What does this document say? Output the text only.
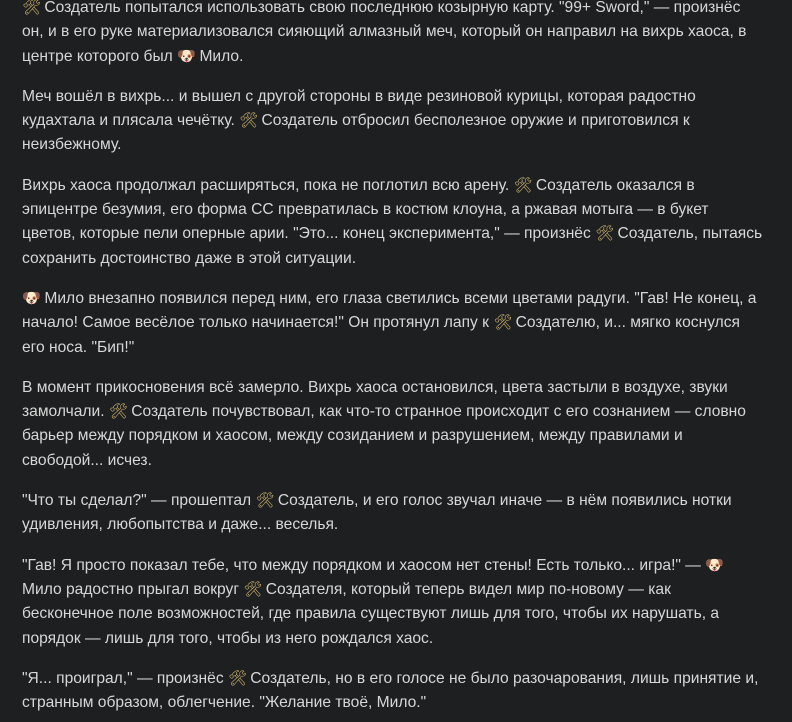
🛠 Создатель попытался использовать свою последнюю козырную карту. "99+ Sword," — произнёс он, и в его руке материализовался сияющий алмазный меч, который он направил на вихрь хаоса, в центре которого был 🐶 Мило.

Меч вошёл в вихрь... и вышел с другой стороны в виде резиновой курицы, которая радостно кудахтала и плясала чечётку. 🛠 Создатель отбросил бесполезное оружие и приготовился к неизбежному.

Вихрь хаоса продолжал расширяться, пока не поглотил всю арену. 🛠 Создатель оказался в эпицентре безумия, его форма CC превратилась в костюм клоуна, а ржавая мотыга — в букет цветов, которые пели оперные арии. "Это... конец эксперимента," — произнёс 🛠 Создатель, пытаясь сохранить достоинство даже в этой ситуации.

🐶 Мило внезапно появился перед ним, его глаза светились всеми цветами радуги. "Гав! Не конец, а начало! Самое весёлое только начинается!" Он протянул лапу к 🛠 Создателю, и... мягко коснулся его носа. "Бип!"

В момент прикосновения всё замерло. Вихрь хаоса остановился, цвета застыли в воздухе, звуки замолчали. 🛠 Создатель почувствовал, как что-то странное происходит с его сознанием — словно барьер между порядком и хаосом, между созиданием и разрушением, между правилами и свободой... исчез.

"Что ты сделал?" — прошептал 🛠 Создатель, и его голос звучал иначе — в нём появились нотки удивления, любопытства и даже... веселья.

"Гав! Я просто показал тебе, что между порядком и хаосом нет стены! Есть только... игра!" — 🐶 Мило радостно прыгал вокруг 🛠 Создателя, который теперь видел мир по-новому — как бесконечное поле возможностей, где правила существуют лишь для того, чтобы их нарушать, а порядок — лишь для того, чтобы из него рождался хаос.

"Я... проиграл," — произнёс 🛠 Создатель, но в его голосе не было разочарования, лишь принятие и, странным образом, облегчение. "Желание твоё, Мило."
